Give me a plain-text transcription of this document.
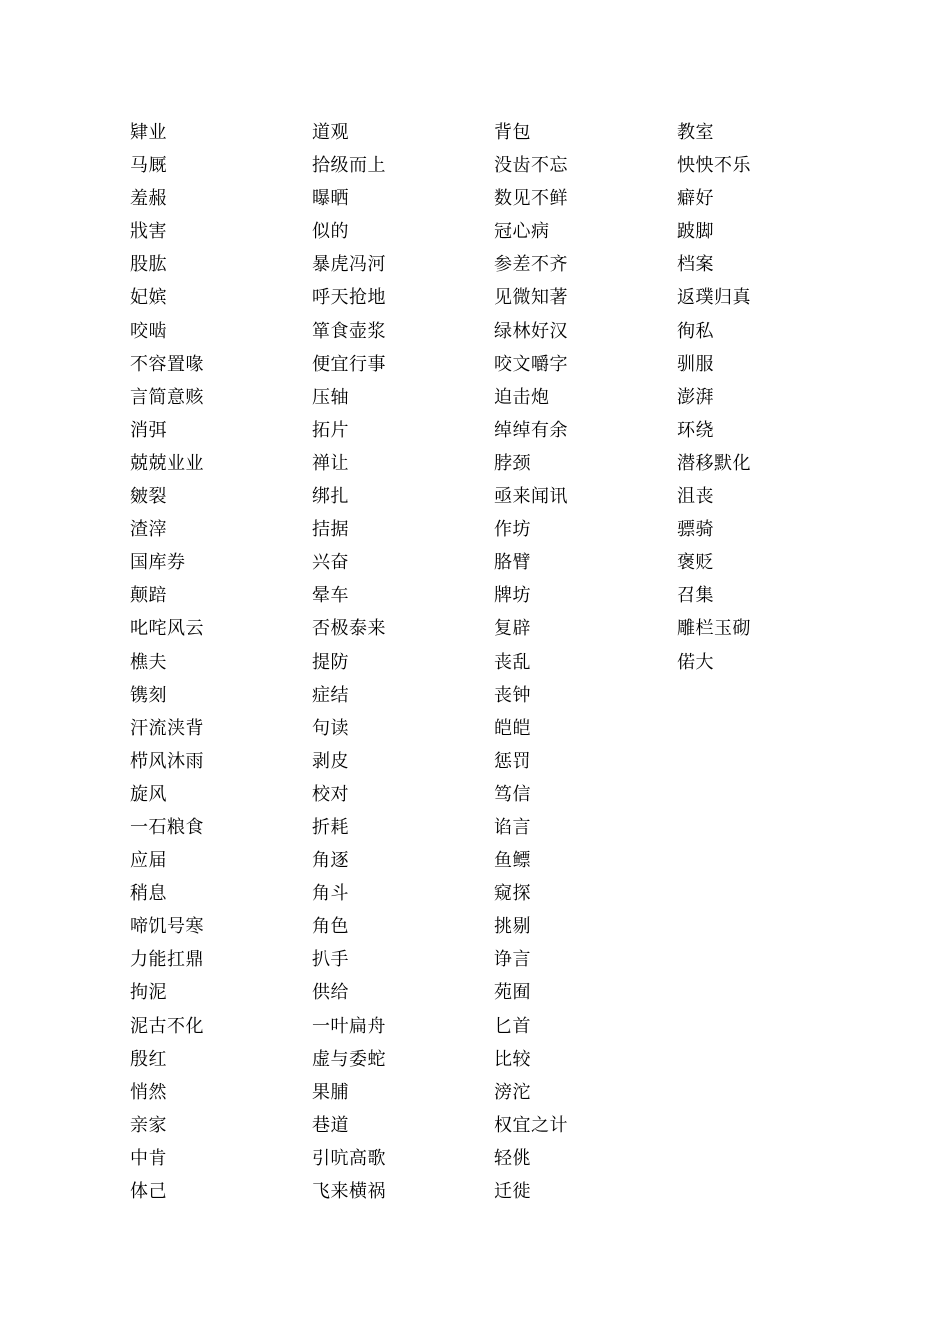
肄业
马厩
羞赧
戕害
股肱
妃嫔
咬啮
不容置喙
言简意赅
消弭
兢兢业业
皴裂
渣滓
国库券
颠踣
叱咤风云
樵夫
镌刻
汗流浃背
栉风沐雨
旋风
一石粮食
应届
稍息
啼饥号寒
力能扛鼎
拘泥
泥古不化
殷红
悄然
亲家
中肯
体己
道观
拾级而上
曝晒
似的
暴虎冯河
呼天抢地
箪食壶浆
便宜行事
压轴
拓片
禅让
绑扎
拮据
兴奋
晕车
否极泰来
提防
症结
句读
剥皮
校对
折耗
角逐
角斗
角色
扒手
供给
一叶扁舟
虚与委蛇
果脯
巷道
引吭高歌
飞来横祸
背包
没齿不忘
数见不鲜
冠心病
参差不齐
见微知著
绿林好汉
咬文嚼字
迫击炮
绰绰有余
脖颈
亟来闻讯
作坊
胳臂
牌坊
复辟
丧乱
丧钟
皑皑
惩罚
笃信
谄言
鱼鳔
窥探
挑剔
诤言
苑囿
匕首
比较
滂沱
权宜之计
轻佻
迁徙
教室
怏怏不乐
癖好
跛脚
档案
返璞归真
徇私
驯服
澎湃
环绕
潜移默化
沮丧
骠骑
褒贬
召集
雕栏玉砌
偌大
